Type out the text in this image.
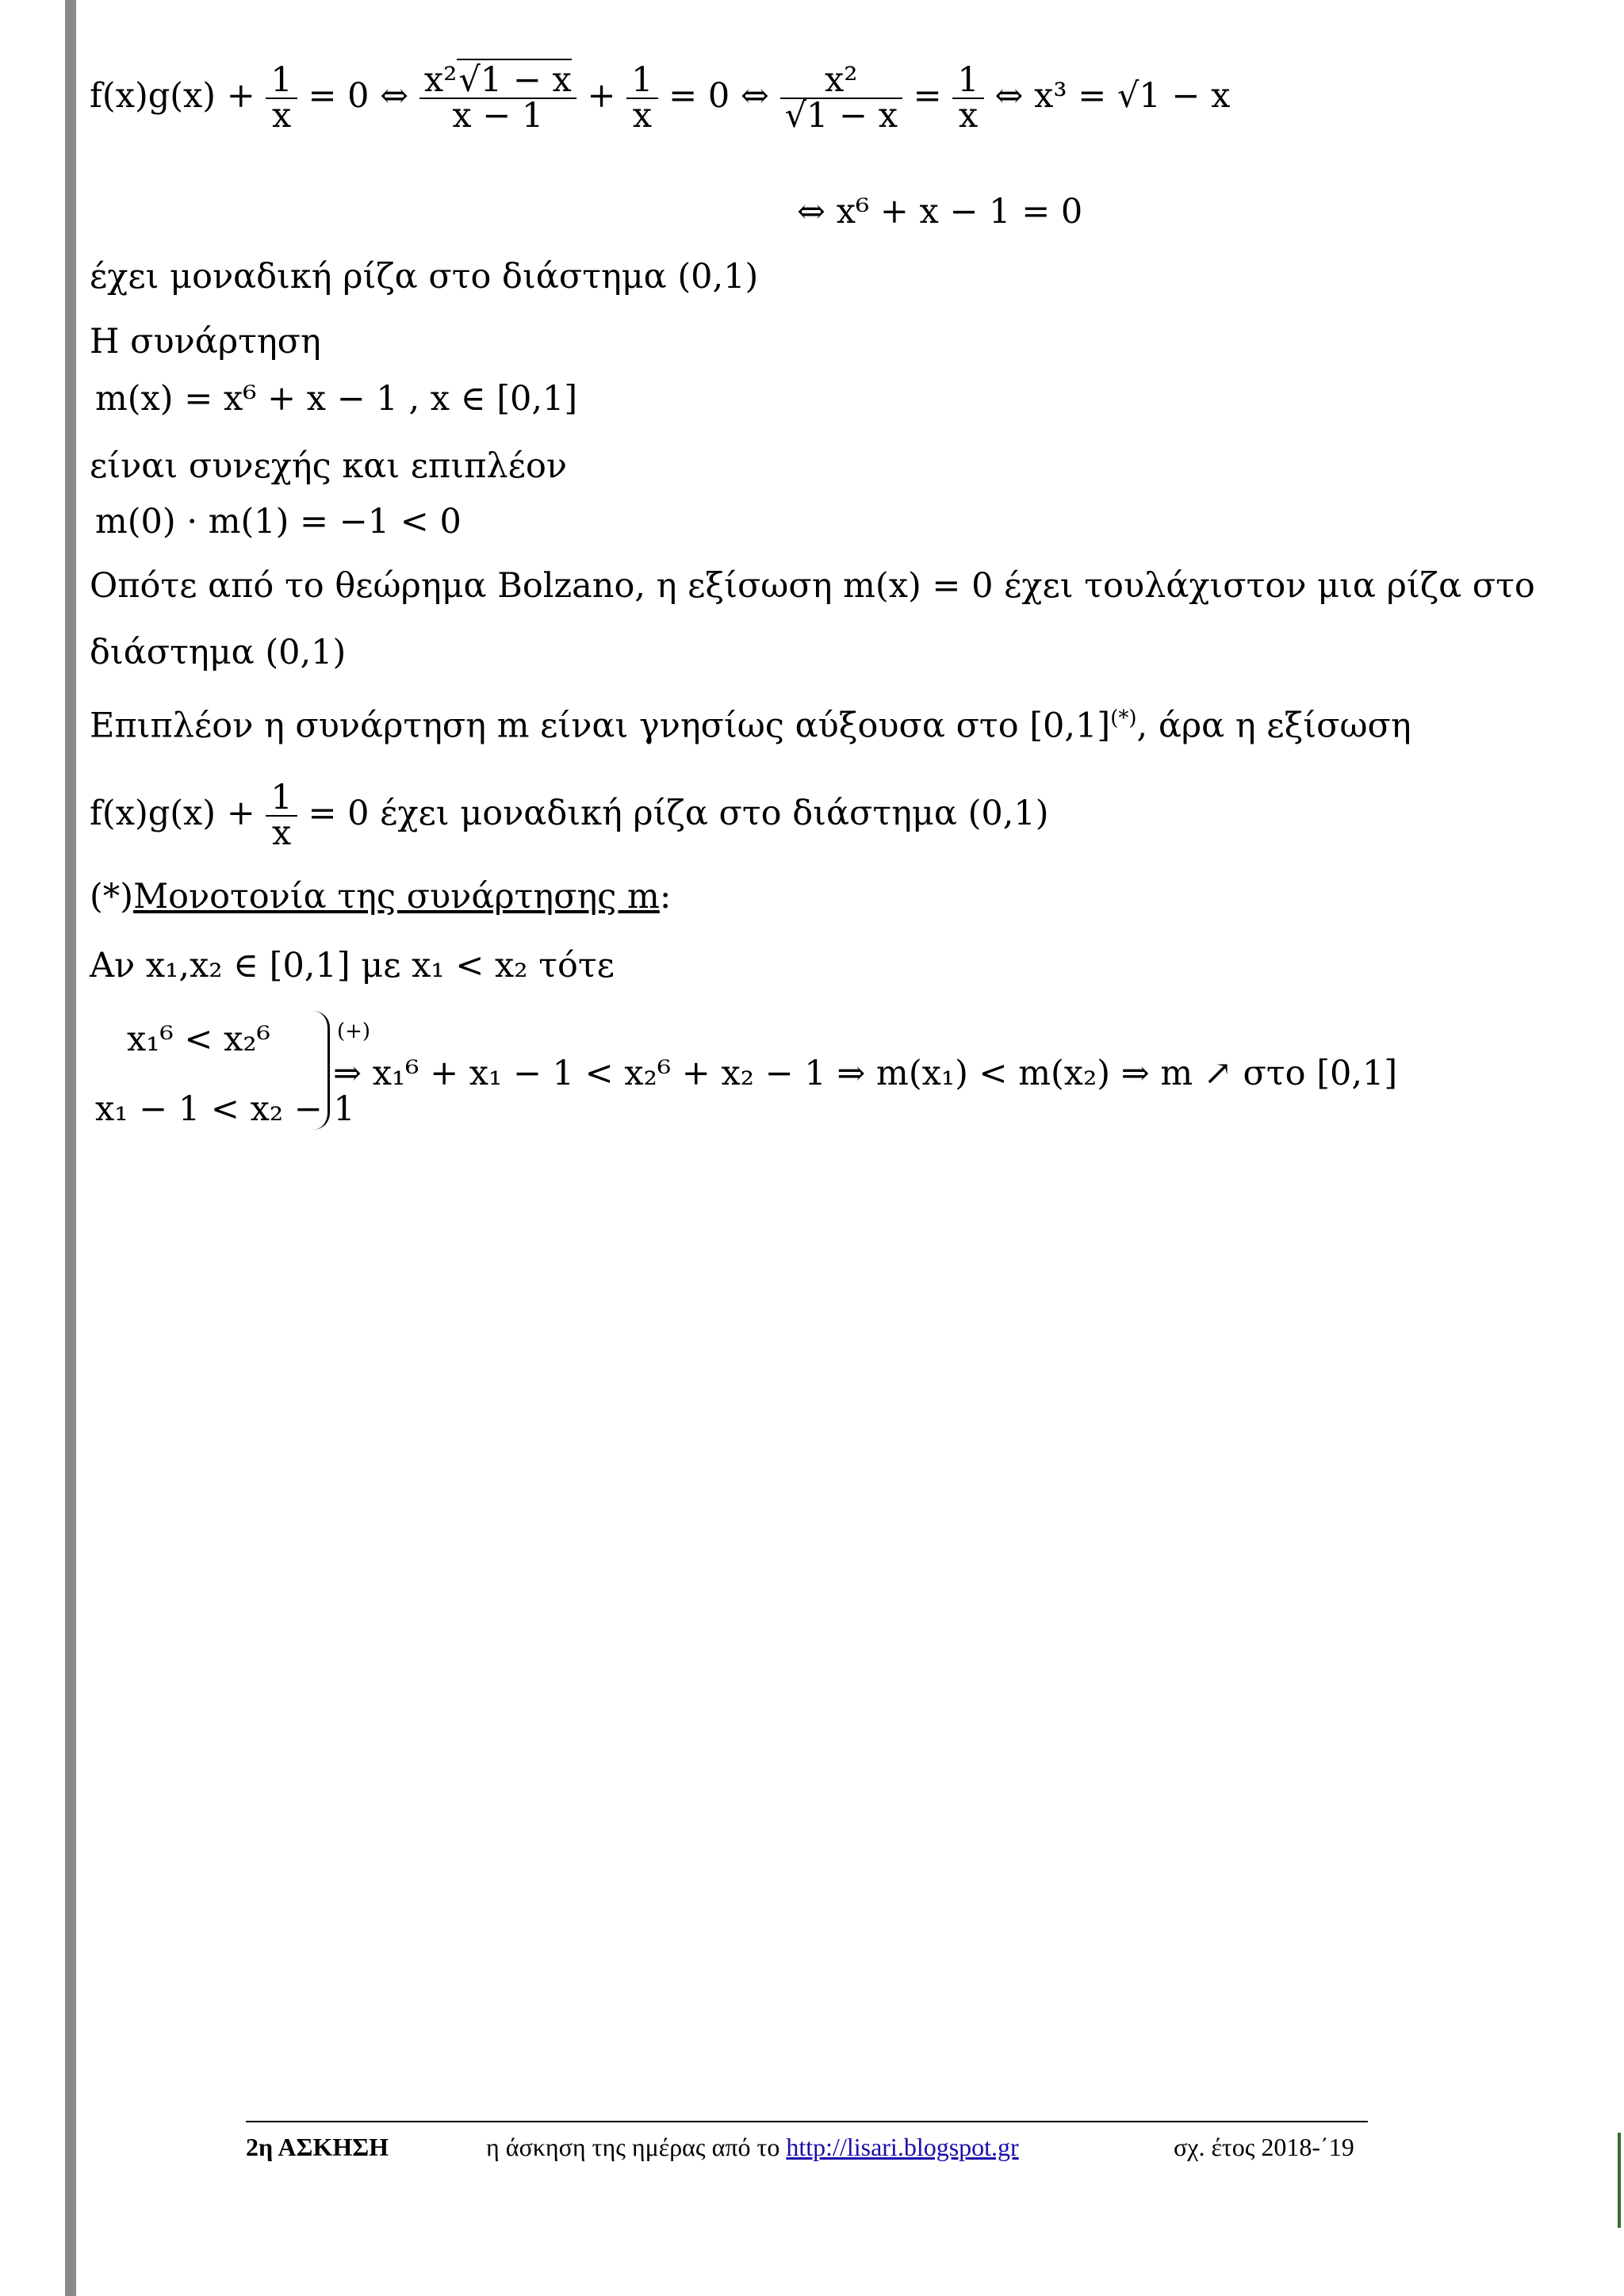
$f(x)g(x) + \frac{1}{x} = 0$ ⇔ $\frac{\text{x²√1 − x}}{x - 1} + \frac{1}{x} = 0$ ⇔ $\frac{\text{x²}}{√1 - x} = \frac{1}{x}$ ⇔ x³ = √1 − x
⇔ x⁶ + x − 1 = 0
έχει μοναδική ρίζα στο διάστημα (0,1)
Η συνάρτηση
m(x) = x⁶ + x − 1 , x ∈ [0,1]
είναι συνεχής και επιπλέον
m(0) · m(1) = −1 < 0
Οπότε από το θεώρημα Bolzano, η εξίσωση m(x) = 0 έχει τουλάχιστον μια ρίζα στο
διάστημα (0,1)
Επιπλέον η συνάρτηση m είναι γνησίως αύξουσα στο [0,1](*), άρα η εξίσωση
$f(x)g(x) + \frac{1}{x} = 0$ έχει μοναδική ρίζα στο διάστημα (0,1)
(*)Μονοτονία της συνάρτησης m:
Αν x₁,x₂ ∈ [0,1] με x₁ < x₂ τότε
x₁⁶ < x₂⁶
x₁ − 1 < x₂ − 1
(+)
⇒ x₁⁶ + x₁ − 1 < x₂⁶ + x₂ − 1 ⇒ m(x₁) < m(x₂) ⇒ m ↗ στο [0,1]
2η ΑΣΚΗΣΗ	η άσκηση της ημέρας από το http://lisari.blogspot.gr	σχ. έτος 2018-΄19
